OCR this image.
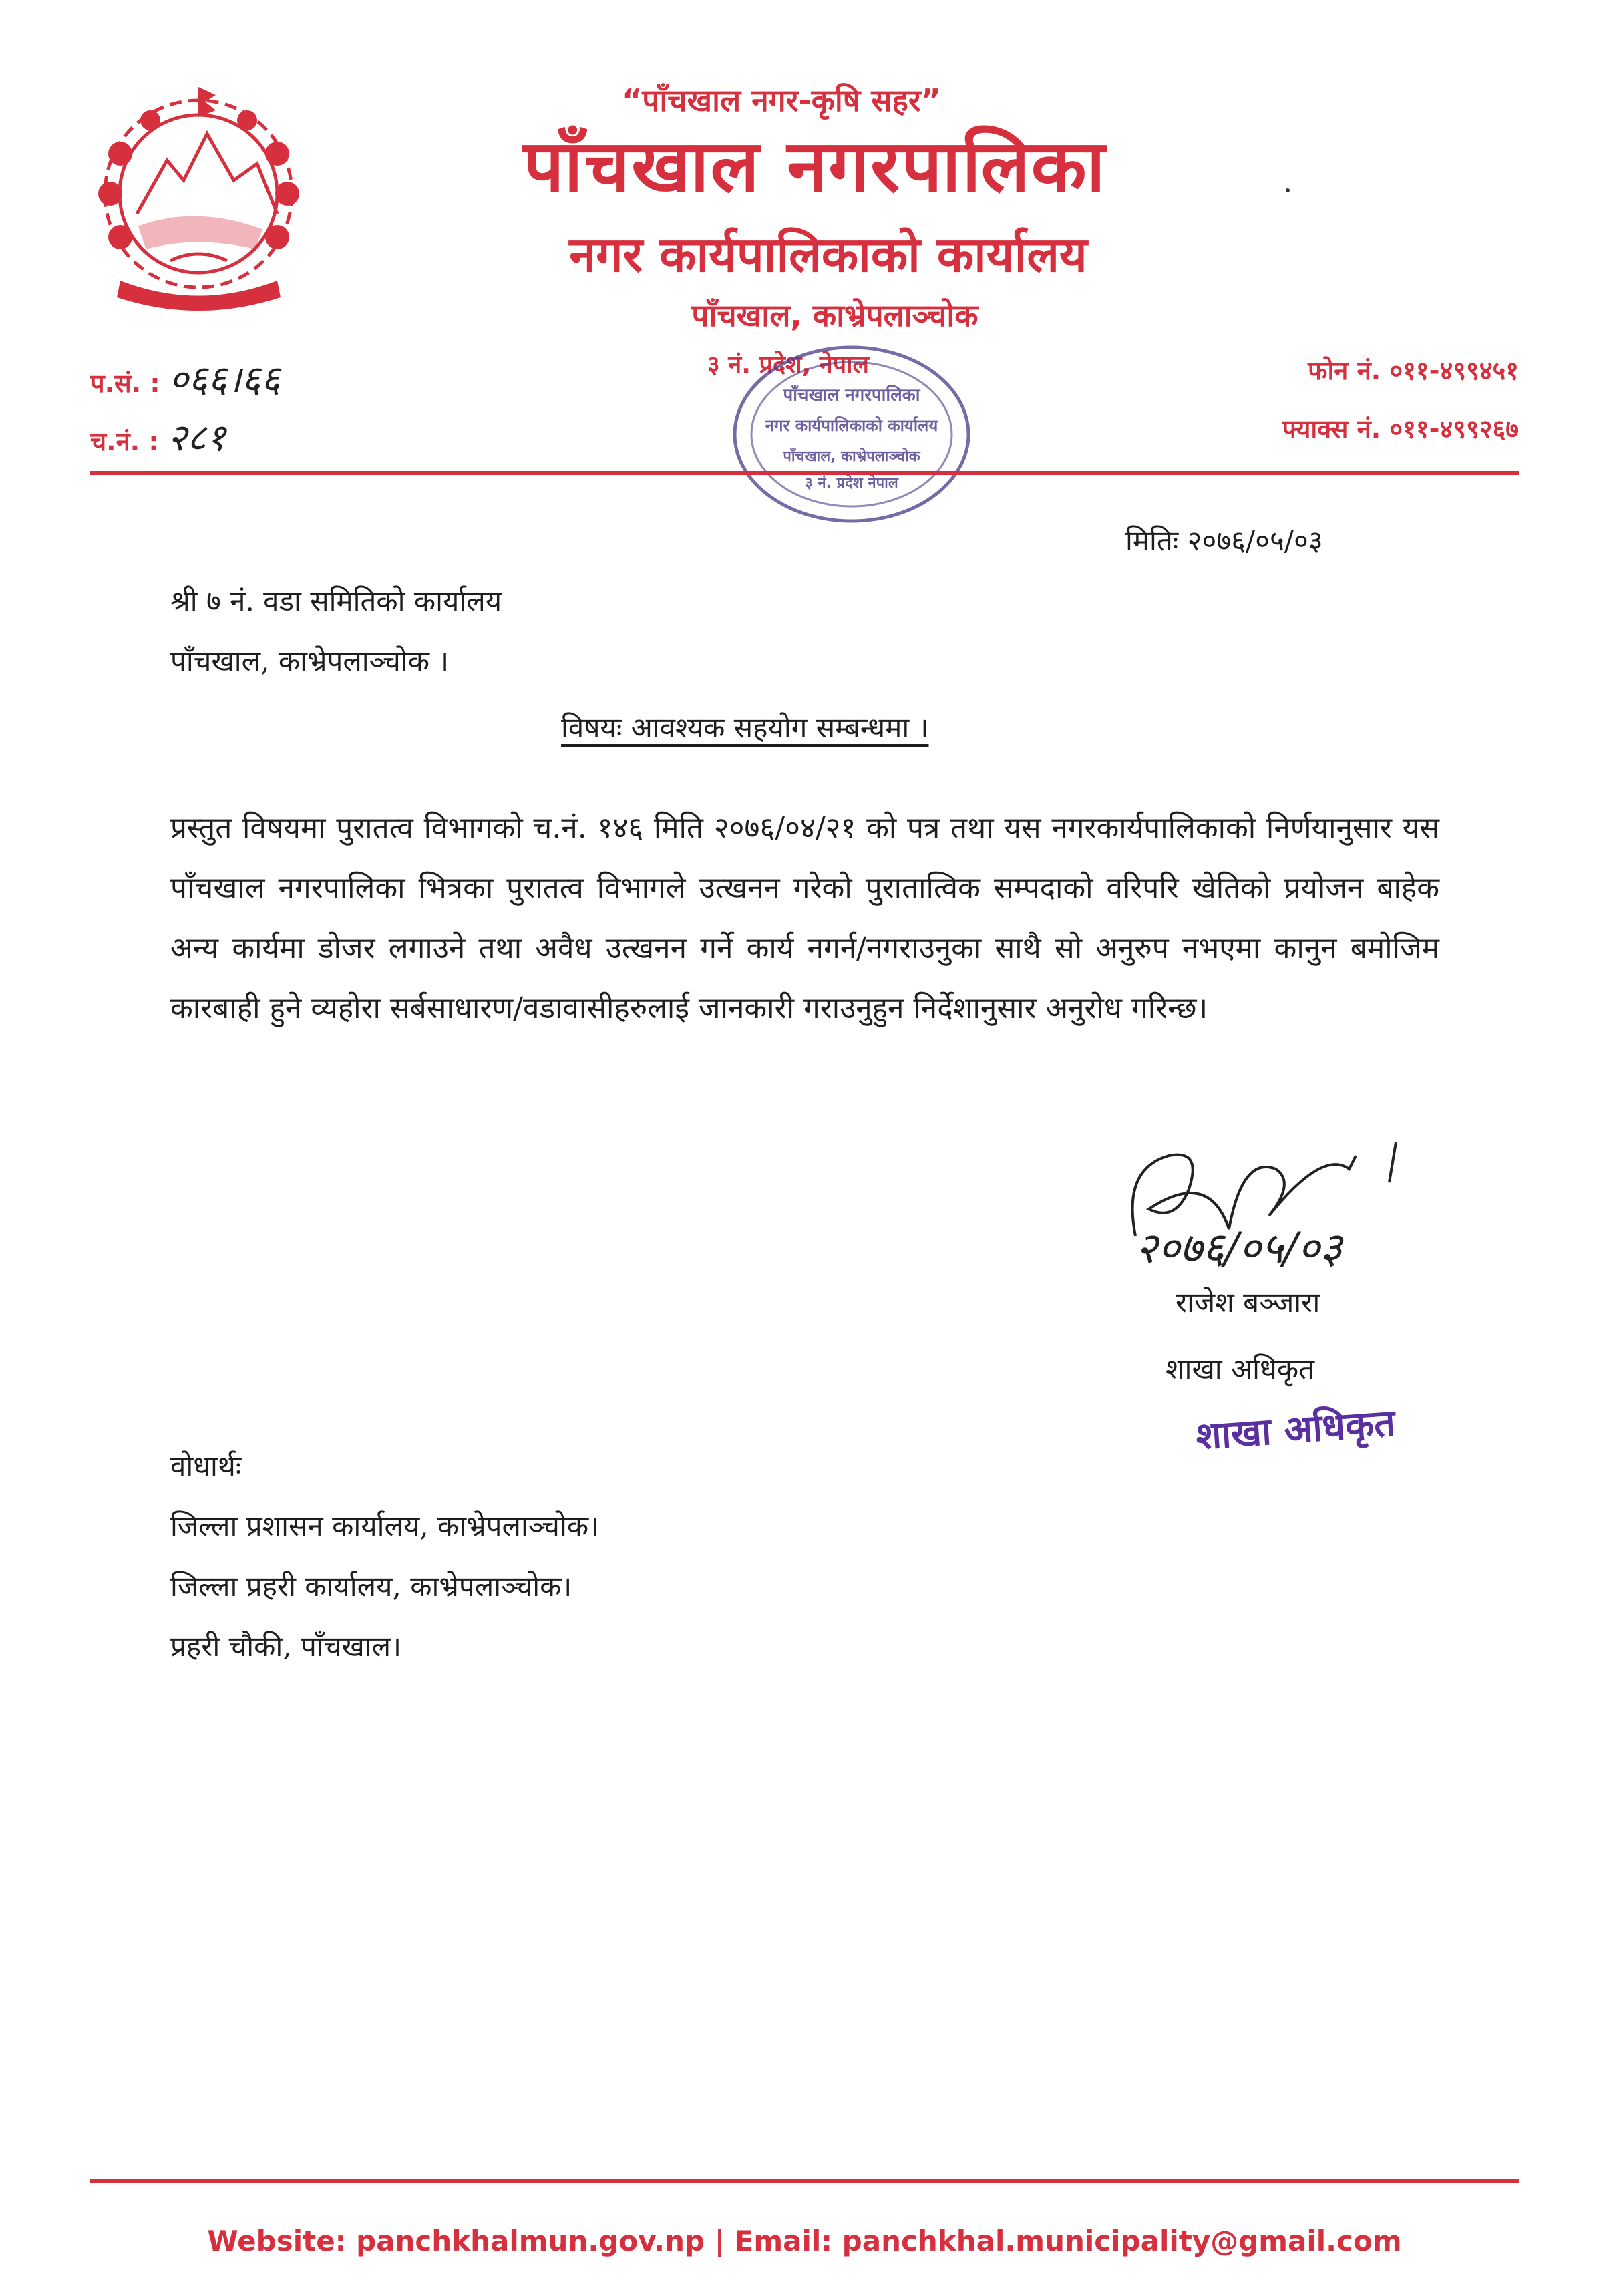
“पाँचखाल नगर-कृषि सहर”
पाँचखाल नगरपालिका
नगर कार्यपालिकाको कार्यालय
पाँचखाल, काभ्रेपलाञ्चोक
३ नं. प्रदेश, नेपाल
प.सं. : ०६६।६६
च.नं. : २८१
फोन नं. ०११-४९९४५१
फ्याक्स नं. ०११-४९९२६७
पाँचखाल नगरपालिका
नगर कार्यपालिकाको कार्यालय
पाँचखाल, काभ्रेपलाञ्चोक
३ नं. प्रदेश नेपाल
मितिः २०७६/०५/०३
श्री ७ नं. वडा समितिको कार्यालय
पाँचखाल, काभ्रेपलाञ्चोक ।
विषयः आवश्यक सहयोग सम्बन्धमा ।
प्रस्तुत विषयमा पुरातत्व विभागको च.नं. १४६ मिति २०७६/०४/२१ को पत्र तथा यस नगरकार्यपालिकाको निर्णयानुसार यस पाँचखाल नगरपालिका भित्रका पुरातत्व विभागले उत्खनन गरेको पुरातात्विक सम्पदाको वरिपरि खेतिको प्रयोजन बाहेक अन्य कार्यमा डोजर लगाउने तथा अवैध उत्खनन गर्ने कार्य नगर्न/नगराउनुका साथै सो अनुरुप नभएमा कानुन बमोजिम कारबाही हुने व्यहोरा सर्बसाधारण/वडावासीहरुलाई जानकारी गराउनुहुन निर्देशानुसार अनुरोध गरिन्छ।
२०७६/०५/०३
राजेश बञ्जारा
शाखा अधिकृत
शाखा अधिकृत
वोधार्थः
जिल्ला प्रशासन कार्यालय, काभ्रेपलाञ्चोक।
जिल्ला प्रहरी कार्यालय, काभ्रेपलाञ्चोक।
प्रहरी चौकी, पाँचखाल।
Website: panchkhalmun.gov.np | Email: panchkhal.municipality@gmail.com
